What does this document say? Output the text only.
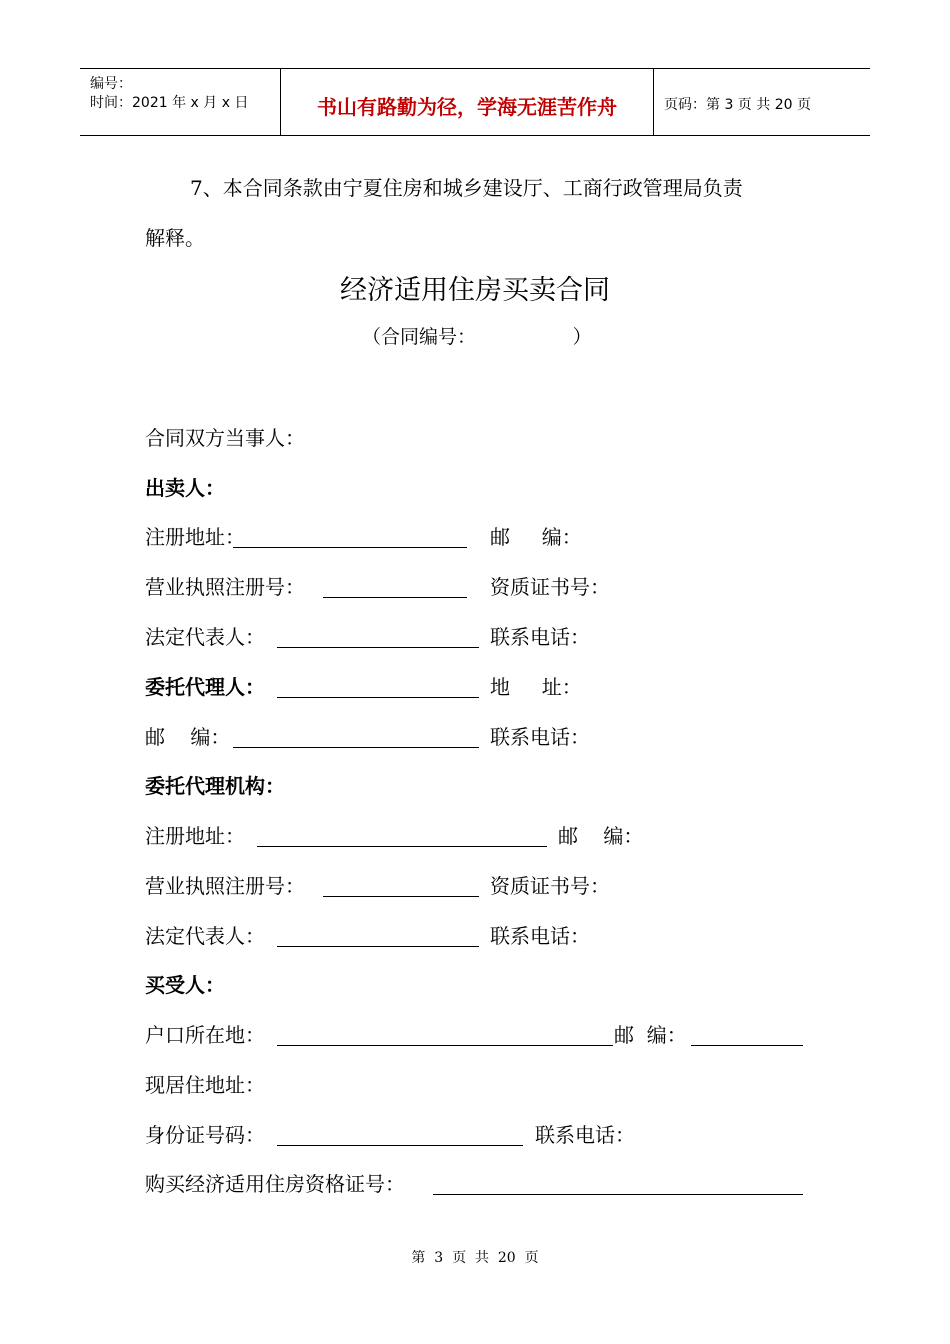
编号：
时间：2021 年 x 月 x 日	书山有路勤为径，学海无涯苦作舟	页码：第 3 页 共 20 页
7、本合同条款由宁夏住房和城乡建设厅、工商行政管理局负责
解释。
经济适用住房买卖合同
（合同编号：                ）
合同双方当事人：
出卖人：
注册地址：	邮     编：
营业执照注册号：	资质证书号：
法定代表人：	联系电话：
委托代理人：	地     址：
邮    编：	联系电话：
委托代理机构：
注册地址：	邮    编：
营业执照注册号：	资质证书号：
法定代表人：	联系电话：
买受人：
户口所在地：	邮  编：
现居住地址：
身份证号码：	联系电话：
购买经济适用住房资格证号：
第  3  页  共  20  页
